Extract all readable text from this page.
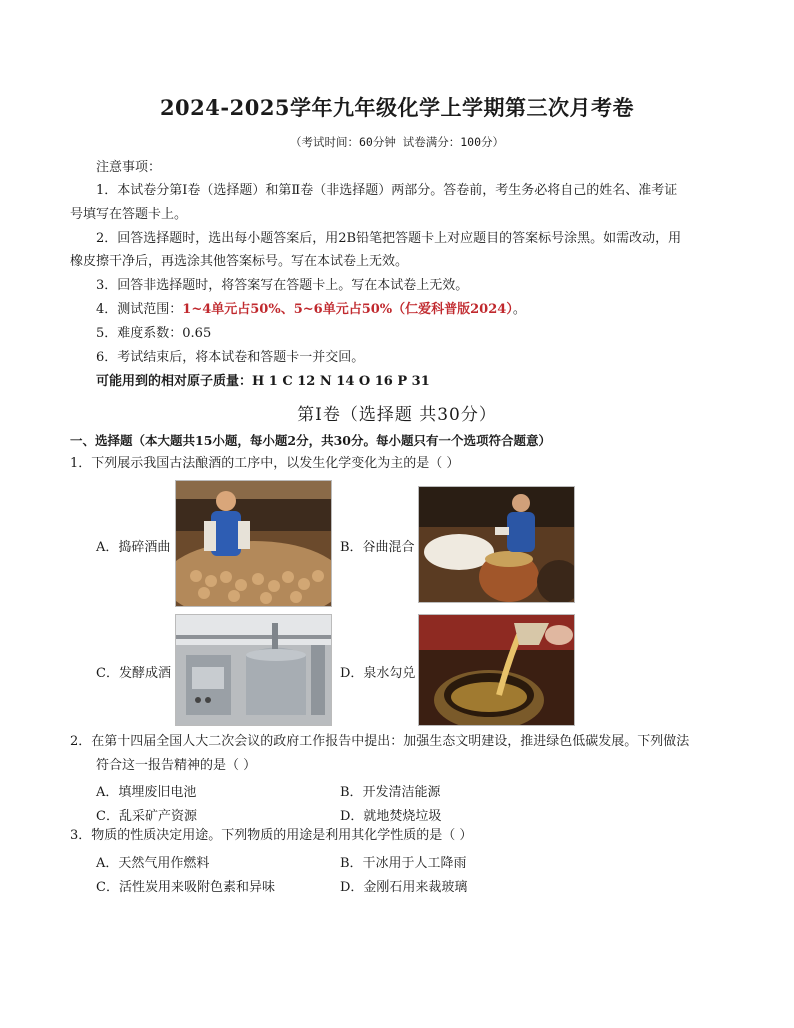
2024-2025学年九年级化学上学期第三次月考卷
（考试时间：60分钟 试卷满分：100分）
注意事项：
1．本试卷分第Ⅰ卷（选择题）和第Ⅱ卷（非选择题）两部分。答卷前，考生务必将自己的姓名、准考证
号填写在答题卡上。
2．回答选择题时，选出每小题答案后，用2B铅笔把答题卡上对应题目的答案标号涂黑。如需改动，用
橡皮擦干净后，再选涂其他答案标号。写在本试卷上无效。
3．回答非选择题时，将答案写在答题卡上。写在本试卷上无效。
4．测试范围：1~4单元占50%、5~6单元占50%（仁爱科普版2024）。
5．难度系数：0.65
6．考试结束后，将本试卷和答题卡一并交回。
可能用到的相对原子质量：H 1 C 12 N 14 O 16 P 31
第Ⅰ卷（选择题 共30分）
一、选择题（本大题共15小题，每小题2分，共30分。每小题只有一个选项符合题意）
1．下列展示我国古法酿酒的工序中，以发生化学变化为主的是（ ）
A．捣碎酒曲	B．谷曲混合
C．发酵成酒	D．泉水勾兑
2．在第十四届全国人大二次会议的政府工作报告中提出：加强生态文明建设，推进绿色低碳发展。下列做法
符合这一报告精神的是（ ）
A．填埋废旧电池	B．开发清洁能源
C．乱采矿产资源	D．就地焚烧垃圾
3．物质的性质决定用途。下列物质的用途是利用其化学性质的是（ ）
A．天然气用作燃料	B．干冰用于人工降雨
C．活性炭用来吸附色素和异味	D．金刚石用来裁玻璃
